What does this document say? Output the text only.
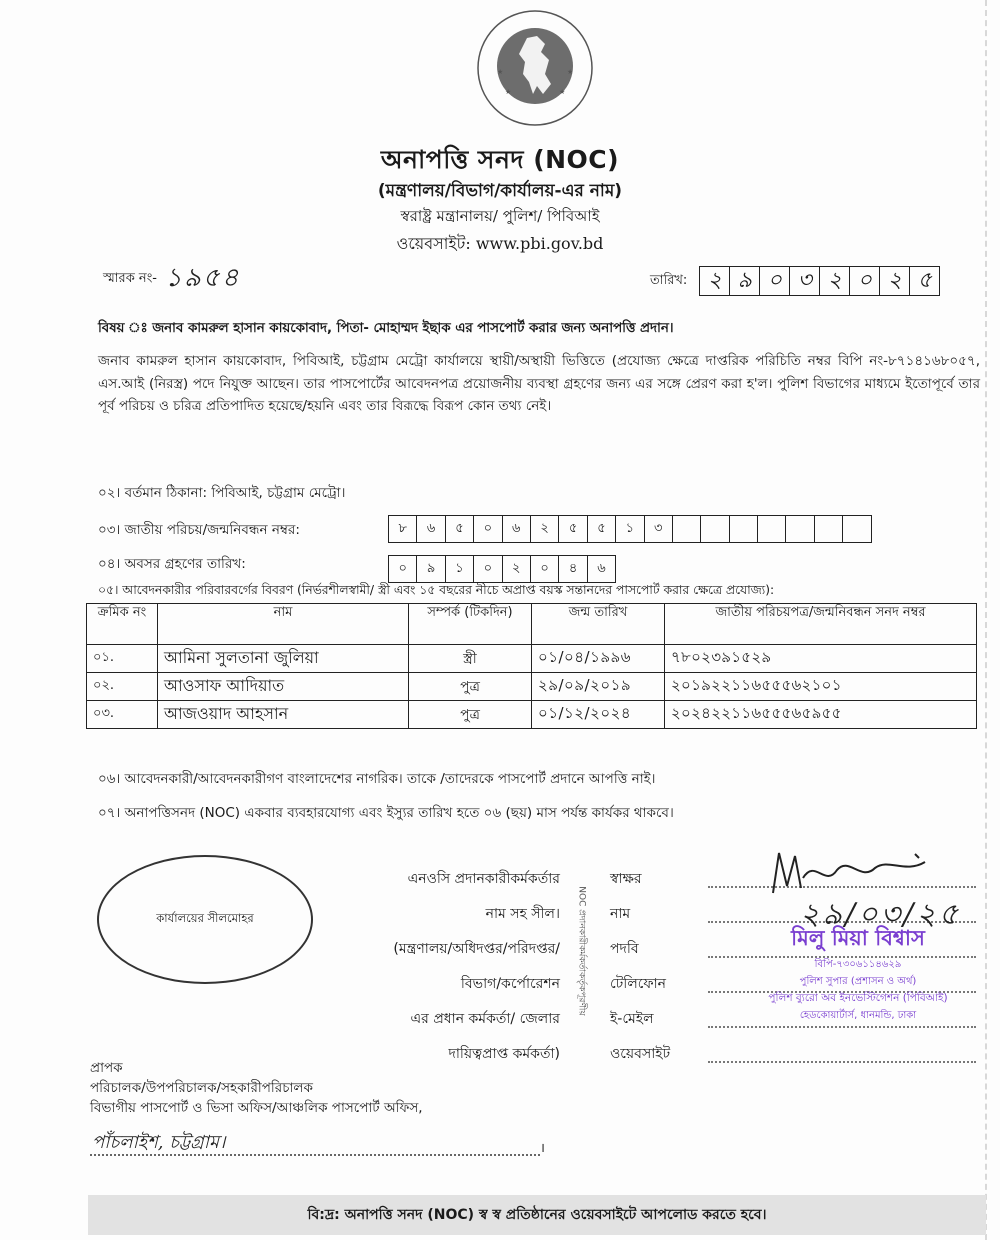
★	★
★	★
অনাপত্তি সনদ (NOC)
(মন্ত্রণালয়/বিভাগ/কার্যালয়-এর নাম)
স্বরাষ্ট্র মন্ত্রানালয়/ পুলিশ/ পিবিআই
ওয়েবসাইট: www.pbi.gov.bd
স্মারক নং- ১৯৫৪	তারিখ: ২ ৯ ০ ৩ ২ ০ ২ ৫
বিষয় ঃ জনাব কামরুল হাসান কায়কোবাদ, পিতা- মোহাম্মদ ইছাক এর পাসপোর্ট করার জন্য অনাপত্তি প্রদান।
জনাব কামরুল হাসান কায়কোবাদ, পিবিআই, চট্টগ্রাম মেট্রো কার্যালয়ে স্থায়ী/অস্থায়ী ভিত্তিতে (প্রযোজ্য ক্ষেত্রে দাপ্তরিক পরিচিতি নম্বর বিপি নং-৮৭১৪১৬৮০৫৭, এস.আই (নিরস্ত্র) পদে নিযুক্ত আছেন। তার পাসপোর্টের আবেদনপত্র প্রয়োজনীয় ব্যবস্থা গ্রহণের জন্য এর সঙ্গে প্রেরণ করা হ'ল। পুলিশ বিভাগের মাধ্যমে ইতোপূর্বে তার পূর্ব পরিচয় ও চরিত্র প্রতিপাদিত হয়েছে/হয়নি এবং তার বিরূদ্ধে বিরূপ কোন তথ্য নেই।
০২। বর্তমান ঠিকানা: পিবিআই, চট্টগ্রাম মেট্রো।
০৩। জাতীয় পরিচয়/জন্মনিবন্ধন নম্বর:	৮	৬	৫	০	৬	২	৫	৫	১	৩
০৪। অবসর গ্রহণের তারিখ:	০	৯	১	০	২	০	৪	৬
০৫। আবেদনকারীর পরিবারবর্গের বিবরণ (নির্ভরশীলস্বামী/ স্ত্রী এবং ১৫ বছরের নীচে অপ্রাপ্ত বয়স্ক সন্তানদের পাসপোর্ট করার ক্ষেত্রে প্রযোজ্য):
ক্রমিক নং	নাম	সম্পর্ক (টিকদিন)	জন্ম তারিখ	জাতীয় পরিচয়পত্র/জন্মনিবন্ধন সনদ নম্বর
০১.	আমিনা সুলতানা জুলিয়া	স্ত্রী	০১/০৪/১৯৯৬	৭৮০২৩৯১৫২৯
০২.	আওসাফ আদিয়াত	পুত্র	২৯/০৯/২০১৯	২০১৯২২১১৬৫৫৫৬২১০১
০৩.	আজওয়াদ আহসান	পুত্র	০১/১২/২০২৪	২০২৪২২১১৬৫৫৫৬৫৯৫৫
০৬। আবেদনকারী/আবেদনকারীগণ বাংলাদেশের নাগরিক। তাকে /তাদেরকে পাসপোর্ট প্রদানে আপত্তি নাই।
০৭। অনাপত্তিসনদ (NOC) একবার ব্যবহারযোগ্য এবং ইস্যুর তারিখ হতে ০৬ (ছয়) মাস পর্যন্ত কার্যকর থাকবে।
কার্যালয়ের সীলমোহর
এনওসি প্রদানকারীকর্মকর্তার
নাম সহ সীল।
(মন্ত্রণালয়/অধিদপ্তর/পরিদপ্তর/
বিভাগ/কর্পোরেশন
এর প্রধান কর্মকর্তা/ জেলার
দায়িত্বপ্রাপ্ত কর্মকর্তা)
NOC প্রদানকারীকর্মকর্তাকর্তৃকপূরণীয়
স্বাক্ষর
নাম
পদবি
টেলিফোন
ই-মেইল
ওয়েবসাইট
২৯/০৩/২৫
মিলু মিয়া বিশ্বাস
বিপি-৭৩০৬১১৪৬২৯
পুলিশ সুপার (প্রশাসন ও অর্থ)
পুলিশ ব্যুরো অব ইনভেস্টিগেশন (পিবিআই)
হেডকোয়ার্টার্স, ধানমন্ডি, ঢাকা
প্রাপক
পরিচালক/উপপরিচালক/সহকারীপরিচালক
বিভাগীয় পাসপোর্ট ও ভিসা অফিস/আঞ্চলিক পাসপোর্ট অফিস,
পাঁচলাইশ, চট্টগ্রাম।	।
বি:দ্র: অনাপত্তি সনদ (NOC) স্ব স্ব প্রতিষ্ঠানের ওয়েবসাইটে আপলোড করতে হবে।
